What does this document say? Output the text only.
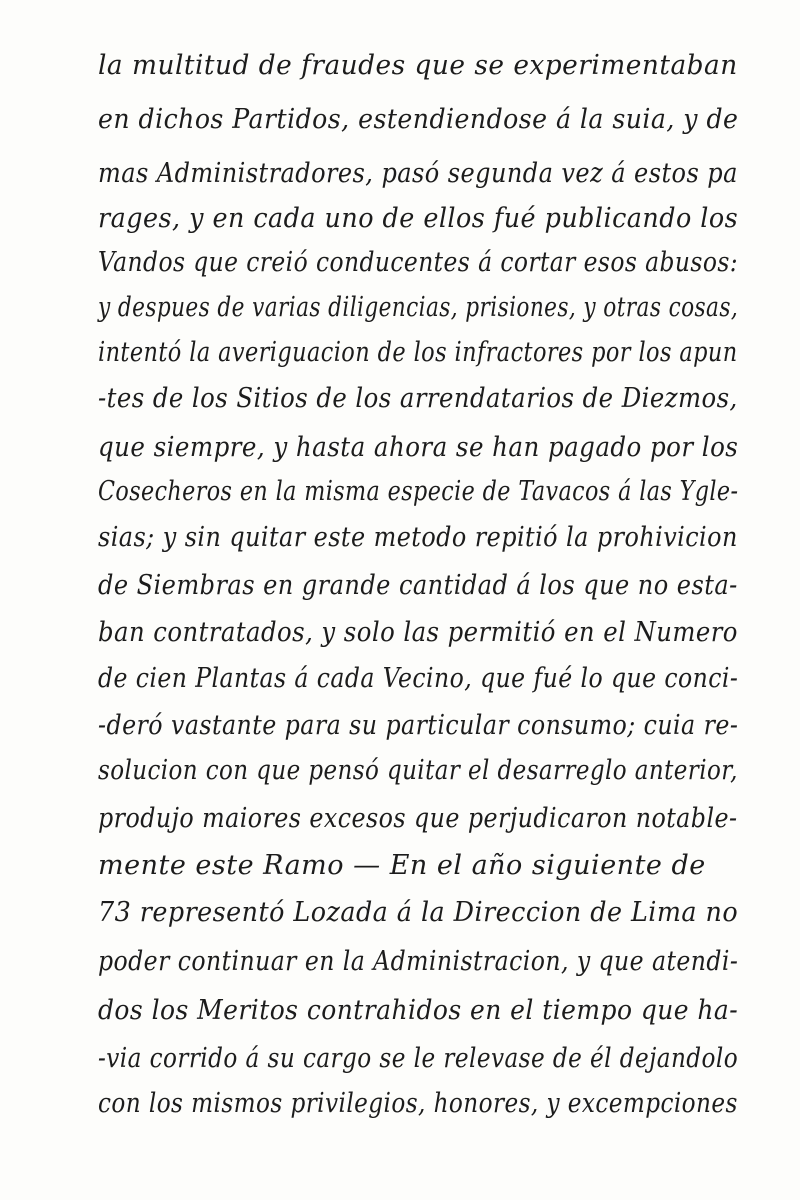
la multitud de fraudes que se experimentaban
en dichos Partidos, estendiendose á la suia, y de
mas Administradores, pasó segunda vez á estos pa
rages, y en cada uno de ellos fué publicando los
Vandos que creió conducentes á cortar esos abusos:
y despues de varias diligencias, prisiones, y otras cosas,
intentó la averiguacion de los infractores por los apun
-tes de los Sitios de los arrendatarios de Diezmos,
que siempre, y hasta ahora se han pagado por los
Cosecheros en la misma especie de Tavacos á las Ygle-
sias; y sin quitar este metodo repitió la prohivicion
de Siembras en grande cantidad á los que no esta-
ban contratados, y solo las permitió en el Numero
de cien Plantas á cada Vecino, que fué lo que conci-
-deró vastante para su particular consumo; cuia re-
solucion con que pensó quitar el desarreglo anterior,
produjo maiores excesos que perjudicaron notable-
mente este Ramo — En el año siguiente de
73 representó Lozada á la Direccion de Lima no
poder continuar en la Administracion, y que atendi-
dos los Meritos contrahidos en el tiempo que ha-
-via corrido á su cargo se le relevase de él dejandolo
con los mismos privilegios, honores, y excempciones
